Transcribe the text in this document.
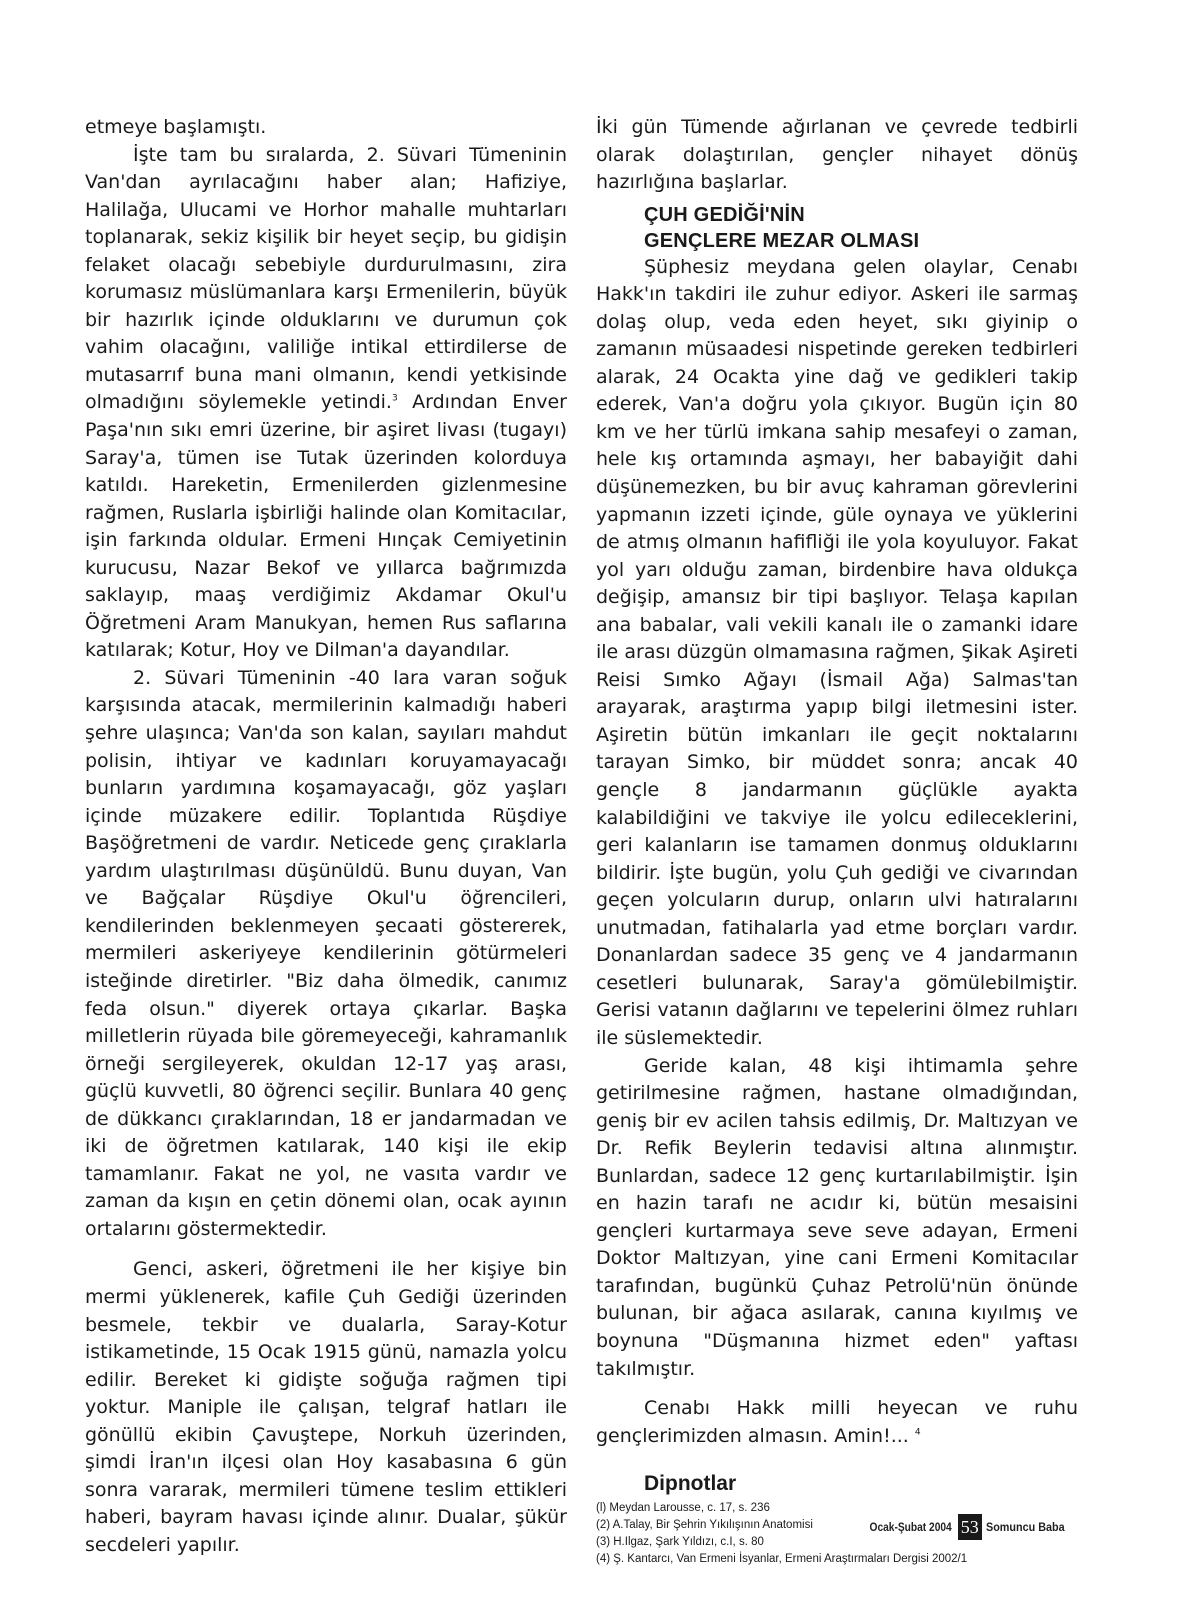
etmeye başlamıştı.

İşte tam bu sıralarda, 2. Süvari Tümeninin Van'dan ayrılacağını haber alan; Hafiziye, Halilağa, Ulucami ve Horhor mahalle muhtarları toplanarak, sekiz kişilik bir heyet seçip, bu gidişin felaket olacağı sebebiyle durdurulmasını, zira korumasız müslümanlara karşı Ermenilerin, büyük bir hazırlık içinde olduklarını ve durumun çok vahim olacağını, valiliğe intikal ettirdilerse de mutasarrıf buna mani olmanın, kendi yetkisinde olmadığını söylemekle yetindi.$^3$ Ardından Enver Paşa'nın sıkı emri üzerine, bir aşiret livası (tugayı) Saray'a, tümen ise Tutak üzerinden kolorduya katıldı. Hareketin, Ermenilerden gizlenmesine rağmen, Ruslarla işbirliği halinde olan Komitacılar, işin farkında oldular. Ermeni Hınçak Cemiyetinin kurucusu, Nazar Bekof ve yıllarca bağrımızda saklayıp, maaş verdiğimiz Akdamar Okul'u Öğretmeni Aram Manukyan, hemen Rus saflarına katılarak; Kotur, Hoy ve Dilman'a dayandılar.

2. Süvari Tümeninin -40 lara varan soğuk karşısında atacak, mermilerinin kalmadığı haberi şehre ulaşınca; Van'da son kalan, sayıları mahdut polisin, ihtiyar ve kadınları koruyamayacağı bunların yardımına koşamayacağı, göz yaşları içinde müzakere edilir. Toplantıda Rüşdiye Başöğretmeni de vardır. Neticede genç çıraklarla yardım ulaştırılması düşünüldü. Bunu duyan, Van ve Bağçalar Rüşdiye Okul'u öğrencileri, kendilerinden beklenmeyen şecaati göstererek, mermileri askeriyeye kendilerinin götürmeleri isteğinde diretirler. "Biz daha ölmedik, canımız feda olsun." diyerek ortaya çıkarlar. Başka milletlerin rüyada bile göremeyeceği, kahramanlık örneği sergileyerek, okuldan 12-17 yaş arası, güçlü kuvvetli, 80 öğrenci seçilir. Bunlara 40 genç de dükkancı çıraklarından, 18 er jandarmadan ve iki de öğretmen katılarak, 140 kişi ile ekip tamamlanır. Fakat ne yol, ne vasıta vardır ve zaman da kışın en çetin dönemi olan, ocak ayının ortalarını göstermektedir.

Genci, askeri, öğretmeni ile her kişiye bin mermi yüklenerek, kafile Çuh Gediği üzerinden besmele, tekbir ve dualarla, Saray-Kotur istikametinde, 15 Ocak 1915 günü, namazla yolcu edilir. Bereket ki gidişte soğuğa rağmen tipi yoktur. Maniple ile çalışan, telgraf hatları ile gönüllü ekibin Çavuştepe, Norkuh üzerinden, şimdi İran'ın ilçesi olan Hoy kasabasına 6 gün sonra vararak, mermileri tümene teslim ettikleri haberi, bayram havası içinde alınır. Dualar, şükür secdeleri yapılır.

İki gün Tümende ağırlanan ve çevrede tedbirli olarak dolaştırılan, gençler nihayet dönüş hazırlığına başlarlar.

ÇUH GEDİĞİ'NİN
GENÇLERE MEZAR OLMASI

Şüphesiz meydana gelen olaylar, Cenabı Hakk'ın takdiri ile zuhur ediyor. Askeri ile sarmaş dolaş olup, veda eden heyet, sıkı giyinip o zamanın müsaadesi nispetinde gereken tedbirleri alarak, 24 Ocakta yine dağ ve gedikleri takip ederek, Van'a doğru yola çıkıyor. Bugün için 80 km ve her türlü imkana sahip mesafeyi o zaman, hele kış ortamında aşmayı, her babayiğit dahi düşünemezken, bu bir avuç kahraman görevlerini yapmanın izzeti içinde, güle oynaya ve yüklerini de atmış olmanın hafifliği ile yola koyuluyor. Fakat yol yarı olduğu zaman, birdenbire hava oldukça değişip, amansız bir tipi başlıyor. Telaşa kapılan ana babalar, vali vekili kanalı ile o zamanki idare ile arası düzgün olmamasına rağmen, Şikak Aşireti Reisi Sımko Ağayı (İsmail Ağa) Salmas'tan arayarak, araştırma yapıp bilgi iletmesini ister. Aşiretin bütün imkanları ile geçit noktalarını tarayan Simko, bir müddet sonra; ancak 40 gençle 8 jandarmanın güçlükle ayakta kalabildiğini ve takviye ile yolcu edileceklerini, geri kalanların ise tamamen donmuş olduklarını bildirir. İşte bugün, yolu Çuh gediği ve civarından geçen yolcuların durup, onların ulvi hatıralarını unutmadan, fatihalarla yad etme borçları vardır. Donanlardan sadece 35 genç ve 4 jandarmanın cesetleri bulunarak, Saray'a gömülebilmiştir. Gerisi vatanın dağlarını ve tepelerini ölmez ruhları ile süslemektedir.

Geride kalan, 48 kişi ihtimamla şehre getirilmesine rağmen, hastane olmadığından, geniş bir ev acilen tahsis edilmiş, Dr. Maltızyan ve Dr. Refik Beylerin tedavisi altına alınmıştır. Bunlardan, sadece 12 genç kurtarılabilmiştir. İşin en hazin tarafı ne acıdır ki, bütün mesaisini gençleri kurtarmaya seve seve adayan, Ermeni Doktor Maltızyan, yine cani Ermeni Komitacılar tarafından, bugünkü Çuhaz Petrolü'nün önünde bulunan, bir ağaca asılarak, canına kıyılmış ve boynuna "Düşmanına hizmet eden" yaftası takılmıştır.

Cenabı Hakk milli heyecan ve ruhu gençlerimizden almasın. Amin!... $^4$

Dipnotlar
(l) Meydan Larousse, c. 17, s. 236
(2) A.Talay, Bir Şehrin Yıkılışının Anatomisi
(3) H.Ilgaz, Şark Yıldızı, c.I, s. 80
(4) Ş. Kantarcı, Van Ermeni İsyanlar, Ermeni Araştırmaları Dergisi 2002/1
Ocak-Şubat 2004 53 Somuncu Baba
